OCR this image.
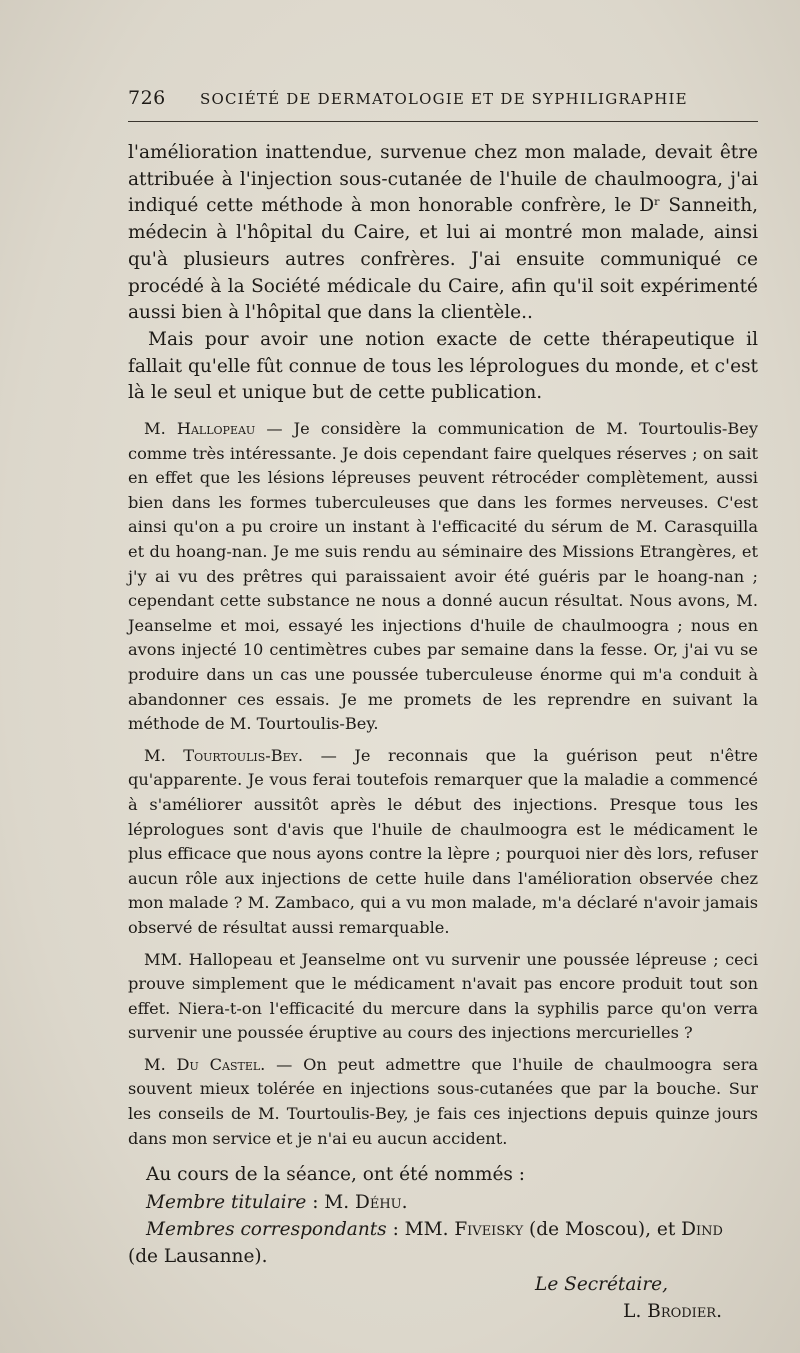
726 SOCIÉTÉ DE DERMATOLOGIE ET DE SYPHILIGRAPHIE

l'amélioration inattendue, survenue chez mon malade, devait être attribuée à l'injection sous-cutanée de l'huile de chaulmoogra, j'ai indiqué cette méthode à mon honorable confrère, le Dʳ Sanneith, médecin à l'hôpital du Caire, et lui ai montré mon malade, ainsi qu'à plusieurs autres confrères. J'ai ensuite communiqué ce procédé à la Société médicale du Caire, afin qu'il soit expérimenté aussi bien à l'hôpital que dans la clientèle..

Mais pour avoir une notion exacte de cette thérapeutique il fallait qu'elle fût connue de tous les léprologues du monde, et c'est là le seul et unique but de cette publication.

M. Hallopeau — Je considère la communication de M. Tourtoulis-Bey comme très intéressante. Je dois cependant faire quelques réserves ; on sait en effet que les lésions lépreuses peuvent rétrocéder complètement, aussi bien dans les formes tuberculeuses que dans les formes nerveuses. C'est ainsi qu'on a pu croire un instant à l'efficacité du sérum de M. Carasquilla et du hoang-nan. Je me suis rendu au séminaire des Missions Etrangères, et j'y ai vu des prêtres qui paraissaient avoir été guéris par le hoang-nan ; cependant cette substance ne nous a donné aucun résultat. Nous avons, M. Jeanselme et moi, essayé les injections d'huile de chaulmoogra ; nous en avons injecté 10 centimètres cubes par semaine dans la fesse. Or, j'ai vu se produire dans un cas une poussée tuberculeuse énorme qui m'a conduit à abandonner ces essais. Je me promets de les reprendre en suivant la méthode de M. Tourtoulis-Bey.

M. Tourtoulis-Bey. — Je reconnais que la guérison peut n'être qu'apparente. Je vous ferai toutefois remarquer que la maladie a commencé à s'améliorer aussitôt après le début des injections. Presque tous les léprologues sont d'avis que l'huile de chaulmoogra est le médicament le plus efficace que nous ayons contre la lèpre ; pourquoi nier dès lors, refuser aucun rôle aux injections de cette huile dans l'amélioration observée chez mon malade ? M. Zambaco, qui a vu mon malade, m'a déclaré n'avoir jamais observé de résultat aussi remarquable.

MM. Hallopeau et Jeanselme ont vu survenir une poussée lépreuse ; ceci prouve simplement que le médicament n'avait pas encore produit tout son effet. Niera-t-on l'efficacité du mercure dans la syphilis parce qu'on verra survenir une poussée éruptive au cours des injections mercurielles ?

M. Du Castel. — On peut admettre que l'huile de chaulmoogra sera souvent mieux tolérée en injections sous-cutanées que par la bouche. Sur les conseils de M. Tourtoulis-Bey, je fais ces injections depuis quinze jours dans mon service et je n'ai eu aucun accident.

Au cours de la séance, ont été nommés :

Membre titulaire : M. Déhu.

Membres correspondants : MM. Fiveisky (de Moscou), et Dind

(de Lausanne).

Le Secrétaire,
L. Brodier.
